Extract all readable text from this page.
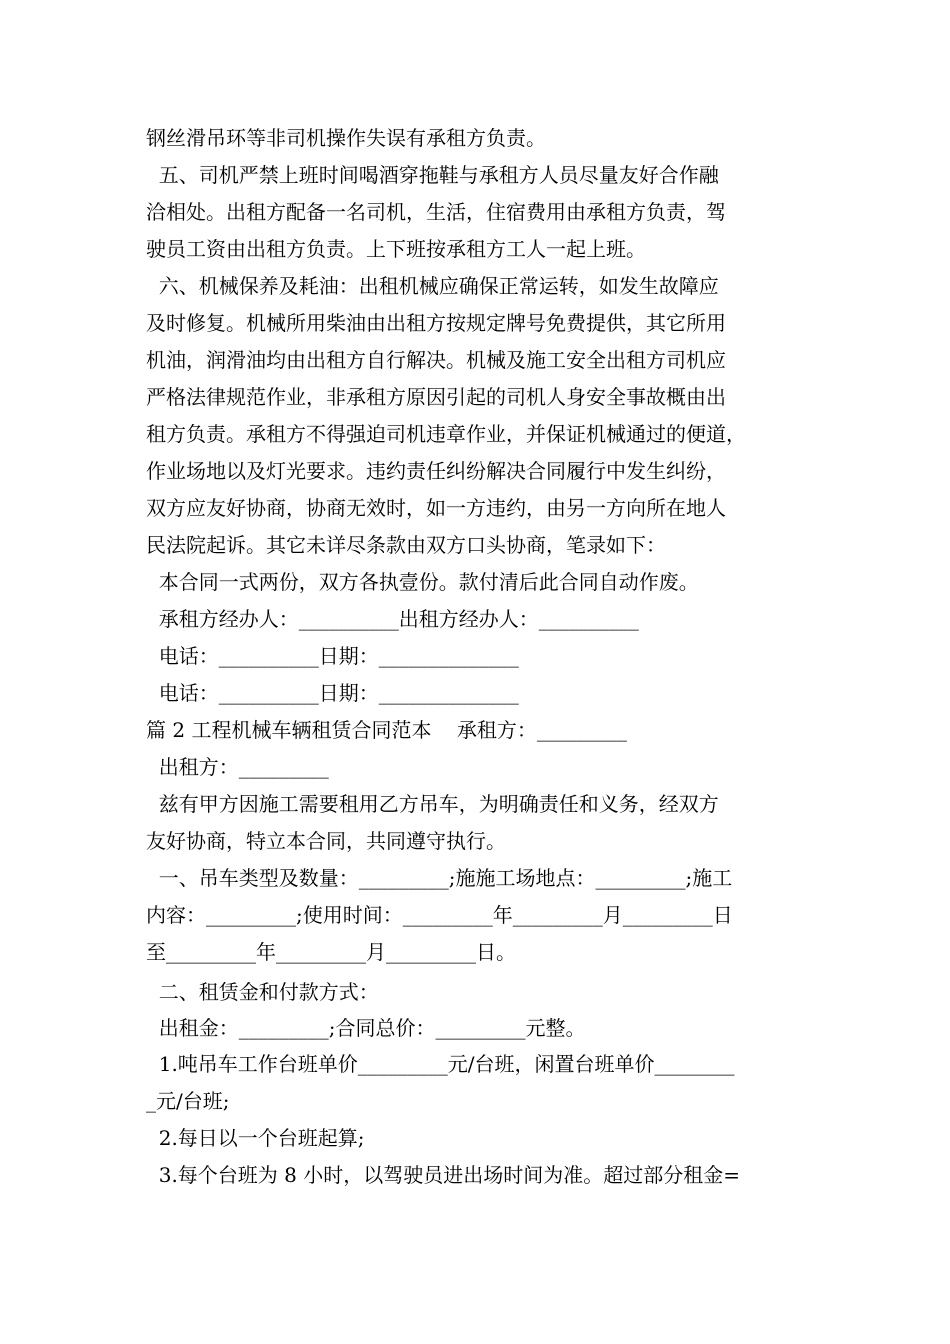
钢丝滑吊环等非司机操作失误有承租方负责。
五、司机严禁上班时间喝酒穿拖鞋与承租方人员尽量友好合作融
洽相处。出租方配备一名司机，生活，住宿费用由承租方负责，驾
驶员工资由出租方负责。上下班按承租方工人一起上班。
六、机械保养及耗油：出租机械应确保正常运转，如发生故障应
及时修复。机械所用柴油由出租方按规定牌号免费提供，其它所用
机油，润滑油均由出租方自行解决。机械及施工安全出租方司机应
严格法律规范作业，非承租方原因引起的司机人身安全事故概由出
租方负责。承租方不得强迫司机违章作业，并保证机械通过的便道，
作业场地以及灯光要求。违约责任纠纷解决合同履行中发生纠纷，
双方应友好协商，协商无效时，如一方违约，由另一方向所在地人
民法院起诉。其它未详尽条款由双方口头协商，笔录如下：
本合同一式两份，双方各执壹份。款付清后此合同自动作废。
承租方经办人：__________出租方经办人：__________
电话：__________日期：______________
电话：__________日期：______________
篇 2 工程机械车辆租赁合同范本    承租方：_________
出租方：_________
兹有甲方因施工需要租用乙方吊车，为明确责任和义务，经双方
友好协商，特立本合同，共同遵守执行。
一、吊车类型及数量：_________;施施工场地点：_________;施工
内容：_________;使用时间：_________年_________月_________日
至_________年_________月_________日。
二、租赁金和付款方式：
出租金：_________;合同总价：_________元整。
1.吨吊车工作台班单价_________元/台班，闲置台班单价________
_元/台班;
2.每日以一个台班起算;
3.每个台班为 8 小时，以驾驶员进出场时间为准。超过部分租金=
